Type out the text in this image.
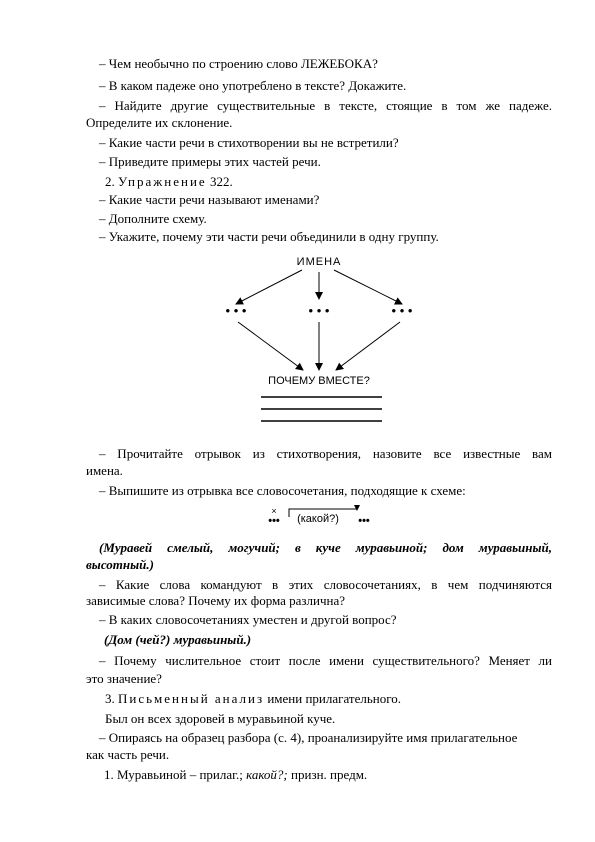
– Чем необычно по строению слово ЛЕЖЕБОКА?
– В каком падеже оно употреблено в тексте? Докажите.
– Найдите другие существительные в тексте, стоящие в том же падеже.
Определите их склонение.
– Какие части речи в стихотворении вы не встретили?
– Приведите примеры этих частей речи.
2. Упражнение 322.
– Какие части речи называют именами?
– Дополните схему.
– Укажите, почему эти части речи объединили в одну группу.
ИМЕНА
• • •	• • •	• • •
ПОЧЕМУ ВМЕСТЕ?
×
••• (какой?) •••
– Прочитайте отрывок из стихотворения, назовите все известные вам
имена.
– Выпишите из отрывка все словосочетания, подходящие к схеме:
(Муравей смелый, могучий; в куче муравьиной; дом муравьиный,
высотный.)
– Какие слова командуют в этих словосочетаниях, в чем подчиняются
зависимые слова? Почему их форма различна?
– В каких словосочетаниях уместен и другой вопрос?
(Дом (чей?) муравьиный.)
– Почему числительное стоит после имени существительного? Меняет ли
это значение?
3. Письменный анализ имени прилагательного.
Был он всех здоровей в муравьиной куче.
– Опираясь на образец разбора (с. 4), проанализируйте имя прилагательное
как часть речи.
1. Муравьиной – прилаг.; какой?; призн. предм.
